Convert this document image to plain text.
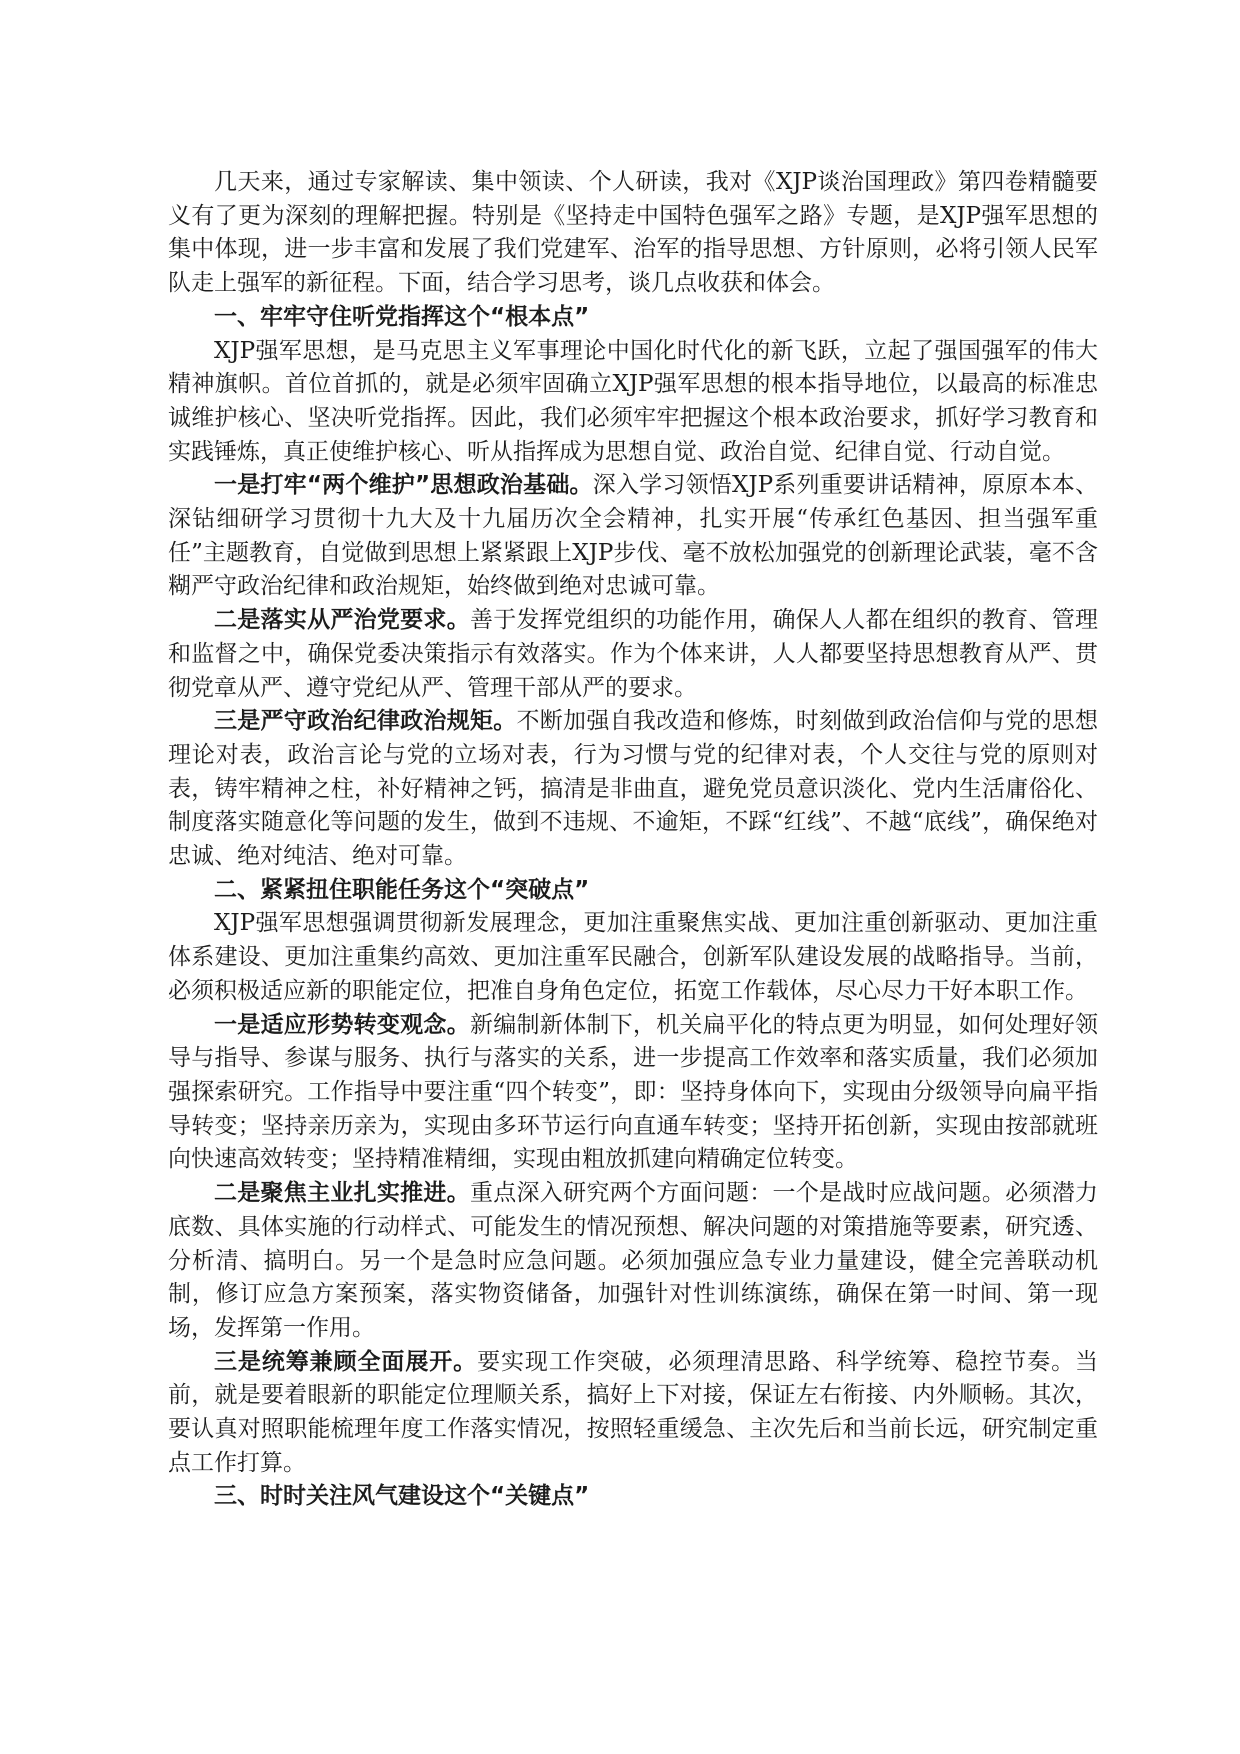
几天来，通过专家解读、集中领读、个人研读，我对《XJP谈治国理政》第四卷精髓要义有了更为深刻的理解把握。特别是《坚持走中国特色强军之路》专题，是XJP强军思想的集中体现，进一步丰富和发展了我们党建军、治军的指导思想、方针原则，必将引领人民军队走上强军的新征程。下面，结合学习思考，谈几点收获和体会。

一、牢牢守住听党指挥这个“根本点”

XJP强军思想，是马克思主义军事理论中国化时代化的新飞跃，立起了强国强军的伟大精神旗帜。首位首抓的，就是必须牢固确立XJP强军思想的根本指导地位，以最高的标准忠诚维护核心、坚决听党指挥。因此，我们必须牢牢把握这个根本政治要求，抓好学习教育和实践锤炼，真正使维护核心、听从指挥成为思想自觉、政治自觉、纪律自觉、行动自觉。

一是打牢“两个维护”思想政治基础。深入学习领悟XJP系列重要讲话精神，原原本本、深钻细研学习贯彻十九大及十九届历次全会精神，扎实开展“传承红色基因、担当强军重任”主题教育，自觉做到思想上紧紧跟上XJP步伐、毫不放松加强党的创新理论武装，毫不含糊严守政治纪律和政治规矩，始终做到绝对忠诚可靠。

二是落实从严治党要求。善于发挥党组织的功能作用，确保人人都在组织的教育、管理和监督之中，确保党委决策指示有效落实。作为个体来讲，人人都要坚持思想教育从严、贯彻党章从严、遵守党纪从严、管理干部从严的要求。

三是严守政治纪律政治规矩。不断加强自我改造和修炼，时刻做到政治信仰与党的思想理论对表，政治言论与党的立场对表，行为习惯与党的纪律对表，个人交往与党的原则对表，铸牢精神之柱，补好精神之钙，搞清是非曲直，避免党员意识淡化、党内生活庸俗化、制度落实随意化等问题的发生，做到不违规、不逾矩，不踩“红线”、不越“底线”，确保绝对忠诚、绝对纯洁、绝对可靠。

二、紧紧扭住职能任务这个“突破点”

XJP强军思想强调贯彻新发展理念，更加注重聚焦实战、更加注重创新驱动、更加注重体系建设、更加注重集约高效、更加注重军民融合，创新军队建设发展的战略指导。当前，必须积极适应新的职能定位，把准自身角色定位，拓宽工作载体，尽心尽力干好本职工作。

一是适应形势转变观念。新编制新体制下，机关扁平化的特点更为明显，如何处理好领导与指导、参谋与服务、执行与落实的关系，进一步提高工作效率和落实质量，我们必须加强探索研究。工作指导中要注重“四个转变”，即：坚持身体向下，实现由分级领导向扁平指导转变；坚持亲历亲为，实现由多环节运行向直通车转变；坚持开拓创新，实现由按部就班向快速高效转变；坚持精准精细，实现由粗放抓建向精确定位转变。

二是聚焦主业扎实推进。重点深入研究两个方面问题：一个是战时应战问题。必须潜力底数、具体实施的行动样式、可能发生的情况预想、解决问题的对策措施等要素，研究透、分析清、搞明白。另一个是急时应急问题。必须加强应急专业力量建设，健全完善联动机制，修订应急方案预案，落实物资储备，加强针对性训练演练，确保在第一时间、第一现场，发挥第一作用。

三是统筹兼顾全面展开。要实现工作突破，必须理清思路、科学统筹、稳控节奏。当前，就是要着眼新的职能定位理顺关系，搞好上下对接，保证左右衔接、内外顺畅。其次，要认真对照职能梳理年度工作落实情况，按照轻重缓急、主次先后和当前长远，研究制定重点工作打算。

三、时时关注风气建设这个“关键点”
